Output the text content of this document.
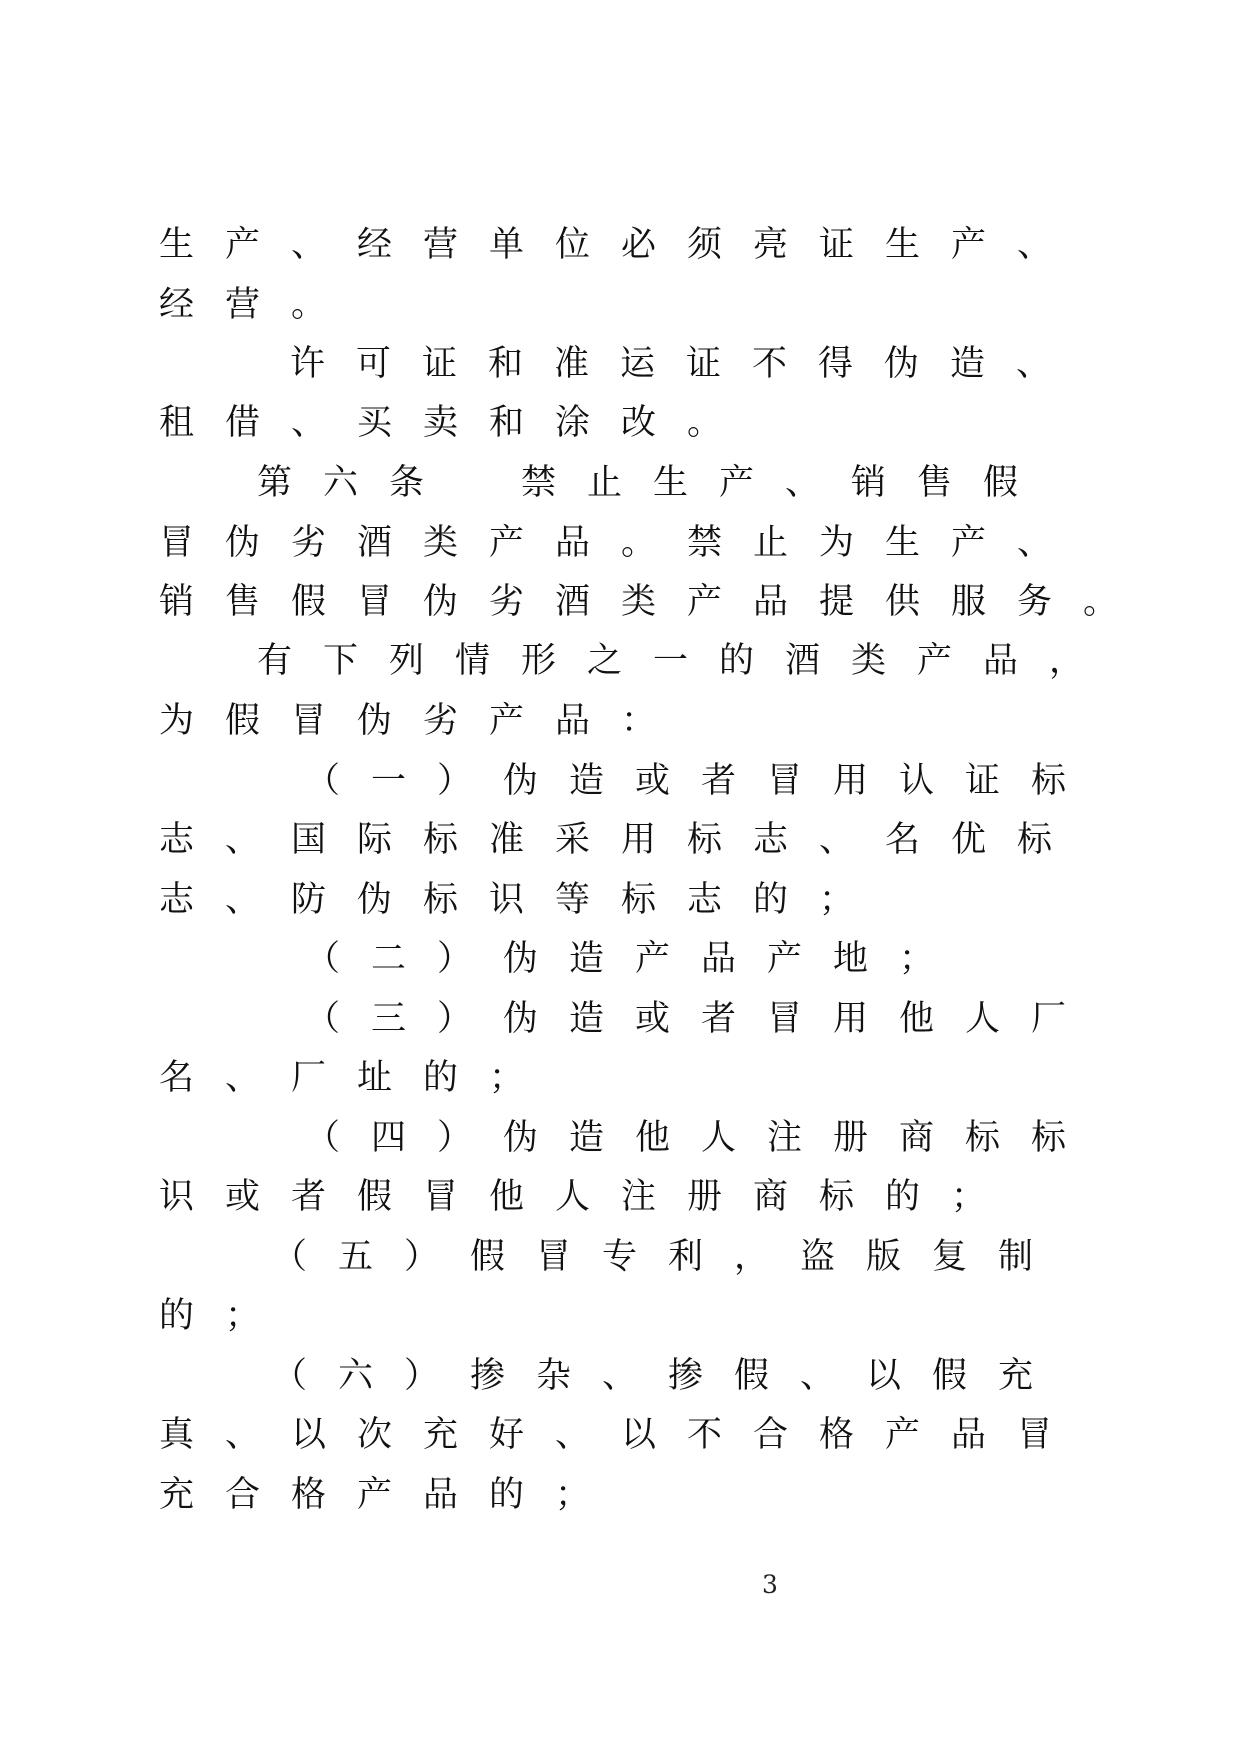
生 产 、 经 营 单 位 必 须 亮 证 生 产 、
经 营 。
许 可 证 和 准 运 证 不 得 伪 造 、
租 借 、 买 卖 和 涂 改 。
第 六 条
	禁 止 生 产 、 销 售 假
冒 伪 劣 酒 类 产 品 。 禁 止 为 生 产 、
销 售 假 冒 伪 劣 酒 类 产 品 提 供 服 务 。
有 下 列 情 形 之 一 的 酒 类 产 品 ，
为 假 冒 伪 劣 产 品 ：
（ 一 ） 伪 造 或 者 冒 用 认 证 标
志 、 国 际 标 准 采 用 标 志 、 名 优 标
志 、 防 伪 标 识 等 标 志 的 ；
（ 二 ） 伪 造 产 品 产 地 ；
（ 三 ） 伪 造 或 者 冒 用 他 人 厂
名 、 厂 址 的 ；
（ 四 ） 伪 造 他 人 注 册 商 标 标
识 或 者 假 冒 他 人 注 册 商 标 的 ；
（ 五 ） 假 冒 专 利 ， 盗 版 复 制
的 ；
（ 六 ） 掺 杂 、 掺 假 、 以 假 充
真 、 以 次 充 好 、 以 不 合 格 产 品 冒
充 合 格 产 品 的 ；
3
